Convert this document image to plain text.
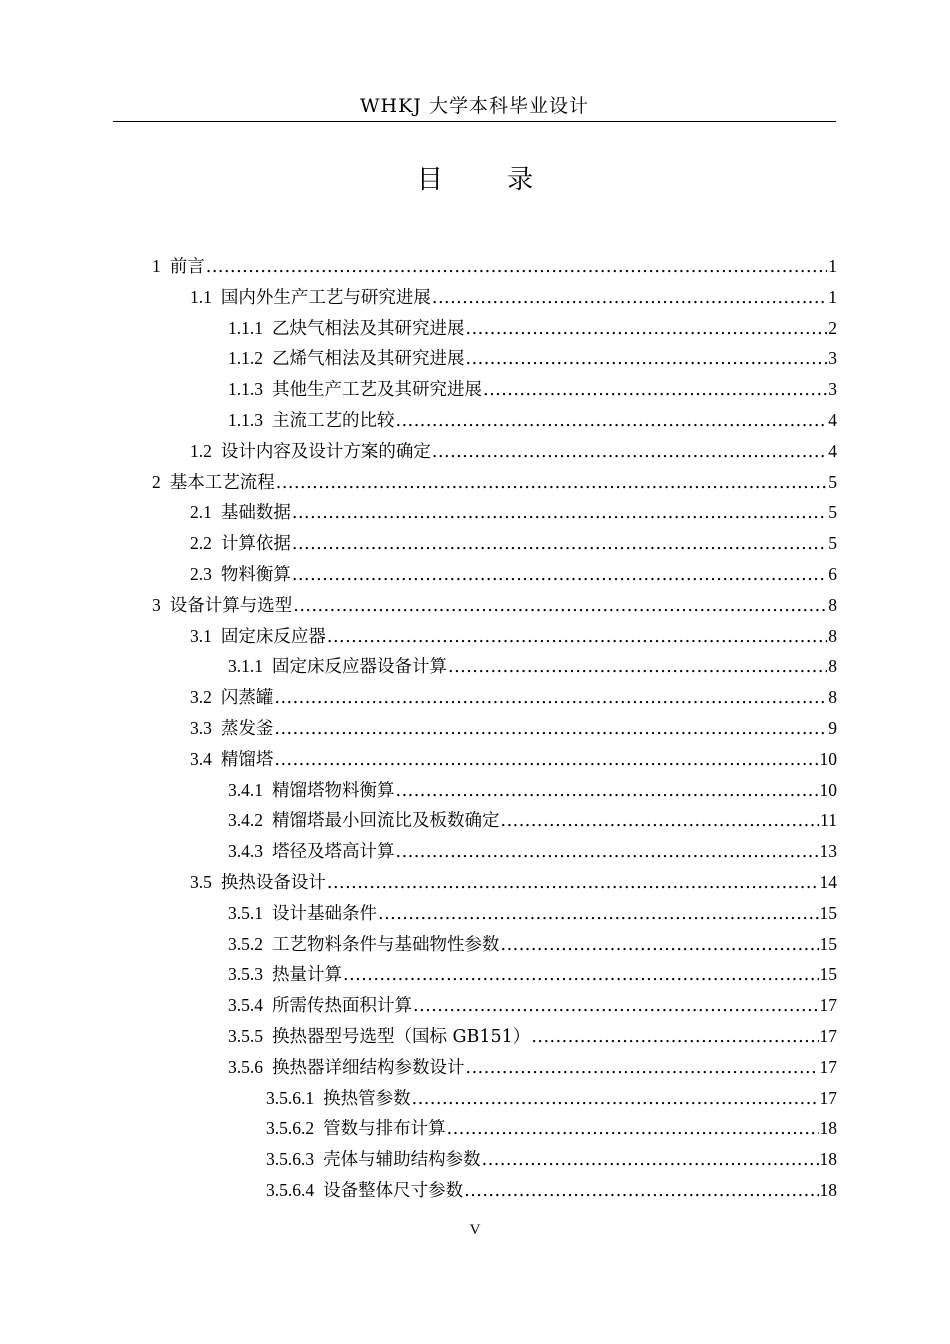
WHKJ 大学本科毕业设计
目 录
1 前言 .....	1
1.1 国内外生产工艺与研究进展 .....	1
1.1.1 乙炔气相法及其研究进展 .....	2
1.1.2 乙烯气相法及其研究进展 .....	3
1.1.3 其他生产工艺及其研究进展 .....	3
1.1.3 主流工艺的比较 .....	4
1.2 设计内容及设计方案的确定 .....	4
2 基本工艺流程 .....	5
2.1 基础数据 .....	5
2.2 计算依据 .....	5
2.3 物料衡算 .....	6
3 设备计算与选型 .....	8
3.1 固定床反应器 .....	8
3.1.1 固定床反应器设备计算 .....	8
3.2 闪蒸罐 .....	8
3.3 蒸发釜 .....	9
3.4 精馏塔 .....	10
3.4.1 精馏塔物料衡算 .....	10
3.4.2 精馏塔最小回流比及板数确定 .....	11
3.4.3 塔径及塔高计算 .....	13
3.5 换热设备设计 .....	14
3.5.1 设计基础条件 .....	15
3.5.2 工艺物料条件与基础物性参数 .....	15
3.5.3 热量计算 .....	15
3.5.4 所需传热面积计算 .....	17
3.5.5 换热器型号选型（国标 GB151） .....	17
3.5.6 换热器详细结构参数设计 .....	17
3.5.6.1 换热管参数 .....	17
3.5.6.2 管数与排布计算 .....	18
3.5.6.3 壳体与辅助结构参数 .....	18
3.5.6.4 设备整体尺寸参数 .....	18
V
